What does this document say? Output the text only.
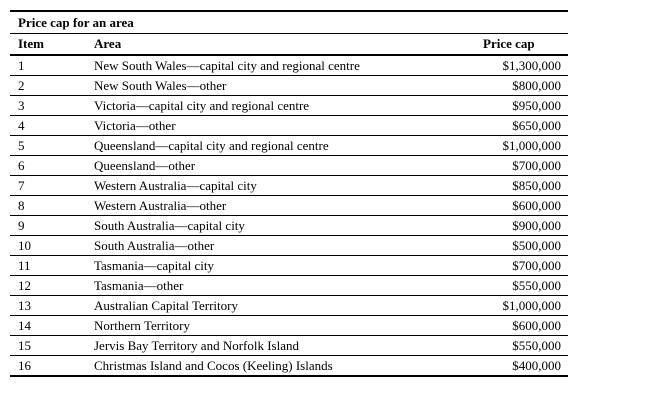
Price cap for an area
Item	Area	Price cap
1	New South Wales—capital city and regional centre	$1,300,000
2	New South Wales—other	$800,000
3	Victoria—capital city and regional centre	$950,000
4	Victoria—other	$650,000
5	Queensland—capital city and regional centre	$1,000,000
6	Queensland—other	$700,000
7	Western Australia—capital city	$850,000
8	Western Australia—other	$600,000
9	South Australia—capital city	$900,000
10	South Australia—other	$500,000
11	Tasmania—capital city	$700,000
12	Tasmania—other	$550,000
13	Australian Capital Territory	$1,000,000
14	Northern Territory	$600,000
15	Jervis Bay Territory and Norfolk Island	$550,000
16	Christmas Island and Cocos (Keeling) Islands	$400,000
